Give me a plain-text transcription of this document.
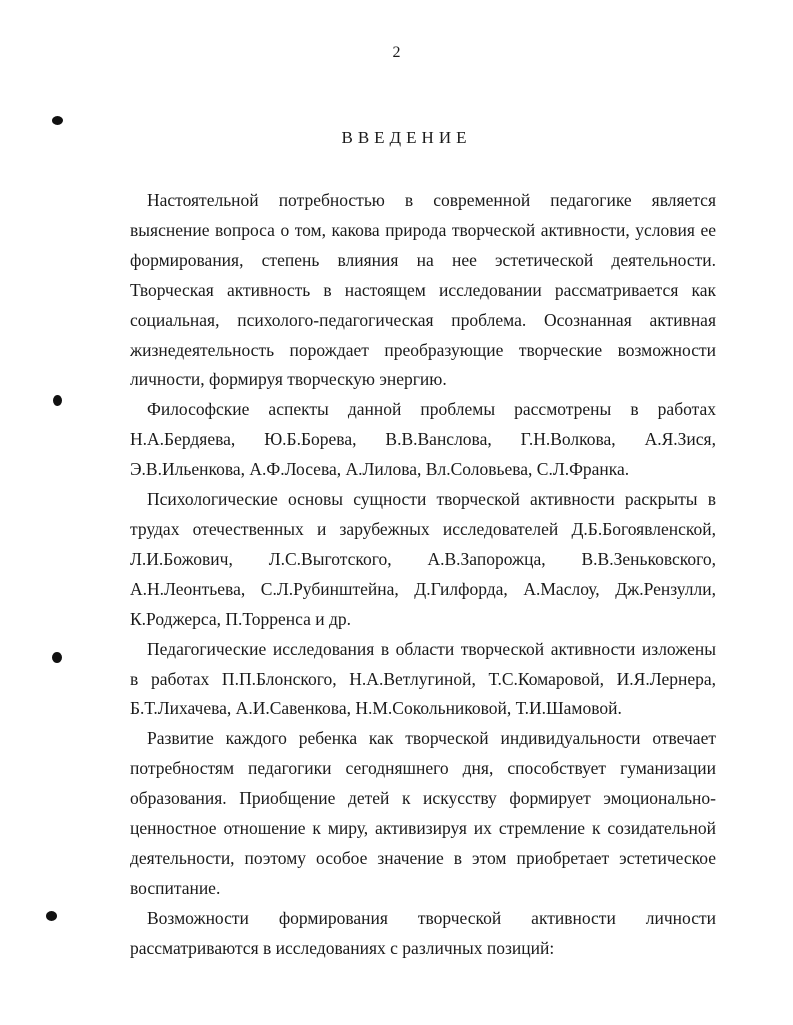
2
ВВЕДЕНИЕ
Настоятельной потребностью в современной педагогике является
выяснение вопроса о том, какова природа творческой активности, условия ее
формирования, степень влияния на нее эстетической деятельности.
Творческая активность в настоящем исследовании рассматривается как
социальная, психолого-педагогическая проблема. Осознанная активная
жизнедеятельность порождает преобразующие творческие возможности
личности, формируя творческую энергию.
Философские аспекты данной проблемы рассмотрены в работах
Н.А.Бердяева, Ю.Б.Борева, В.В.Ванслова, Г.Н.Волкова, А.Я.Зися,
Э.В.Ильенкова, А.Ф.Лосева, А.Лилова, Вл.Соловьева, С.Л.Франка.
Психологические основы сущности творческой активности раскрыты в
трудах отечественных и зарубежных исследователей Д.Б.Богоявленской,
Л.И.Божович, Л.С.Выготского, А.В.Запорожца, В.В.Зеньковского,
А.Н.Леонтьева, С.Л.Рубинштейна, Д.Гилфорда, А.Маслоу, Дж.Рензулли,
К.Роджерса, П.Торренса и др.
Педагогические исследования в области творческой активности изложены
в работах П.П.Блонского, Н.А.Ветлугиной, Т.С.Комаровой, И.Я.Лернера,
Б.Т.Лихачева, А.И.Савенкова, Н.М.Сокольниковой, Т.И.Шамовой.
Развитие каждого ребенка как творческой индивидуальности отвечает
потребностям педагогики сегодняшнего дня, способствует гуманизации
образования. Приобщение детей к искусству формирует эмоционально-
ценностное отношение к миру, активизируя их стремление к созидательной
деятельности, поэтому особое значение в этом приобретает эстетическое
воспитание.
Возможности формирования творческой активности личности
рассматриваются в исследованиях с различных позиций:
